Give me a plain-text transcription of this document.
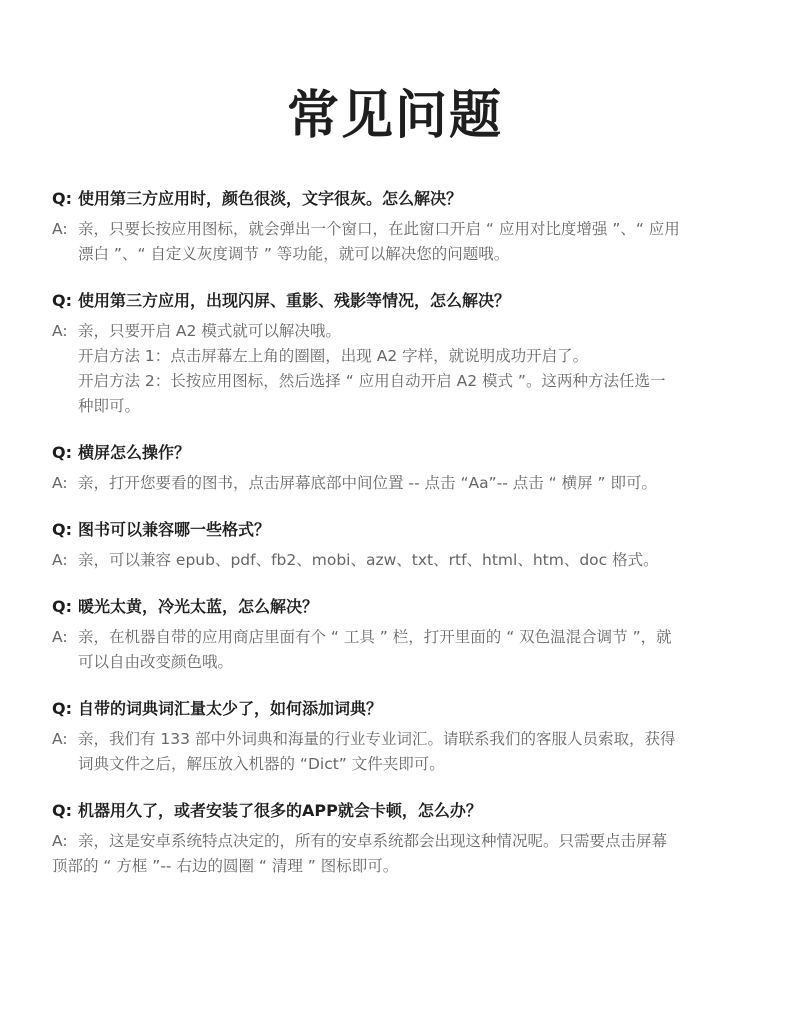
常见问题
Q: 使用第三方应用时，颜色很淡，文字很灰。怎么解决？
A: 亲，只要长按应用图标，就会弹出一个窗口，在此窗口开启 “ 应用对比度增强 ”、“ 应用
漂白 ”、“ 自定义灰度调节 ” 等功能，就可以解决您的问题哦。
Q: 使用第三方应用，出现闪屏、重影、残影等情况，怎么解决？
A: 亲，只要开启 A2 模式就可以解决哦。
开启方法 1：点击屏幕左上角的圈圈，出现 A2 字样，就说明成功开启了。
开启方法 2：长按应用图标，然后选择 “ 应用自动开启 A2 模式 ”。这两种方法任选一
种即可。
Q: 横屏怎么操作？
A: 亲，打开您要看的图书，点击屏幕底部中间位置 -- 点击 “Aa”-- 点击 “ 横屏 ” 即可。
Q: 图书可以兼容哪一些格式？
A: 亲，可以兼容 epub、pdf、fb2、mobi、azw、txt、rtf、html、htm、doc 格式。
Q: 暖光太黄，冷光太蓝，怎么解决？
A: 亲，在机器自带的应用商店里面有个 “ 工具 ” 栏，打开里面的 “ 双色温混合调节 ”，就
可以自由改变颜色哦。
Q: 自带的词典词汇量太少了，如何添加词典？
A: 亲，我们有 133 部中外词典和海量的行业专业词汇。请联系我们的客服人员索取，获得
词典文件之后，解压放入机器的 “Dict” 文件夹即可。
Q: 机器用久了，或者安装了很多的APP就会卡顿，怎么办？
A: 亲，这是安卓系统特点决定的，所有的安卓系统都会出现这种情况呢。只需要点击屏幕
顶部的 “ 方框 ”-- 右边的圆圈 “ 清理 ” 图标即可。
